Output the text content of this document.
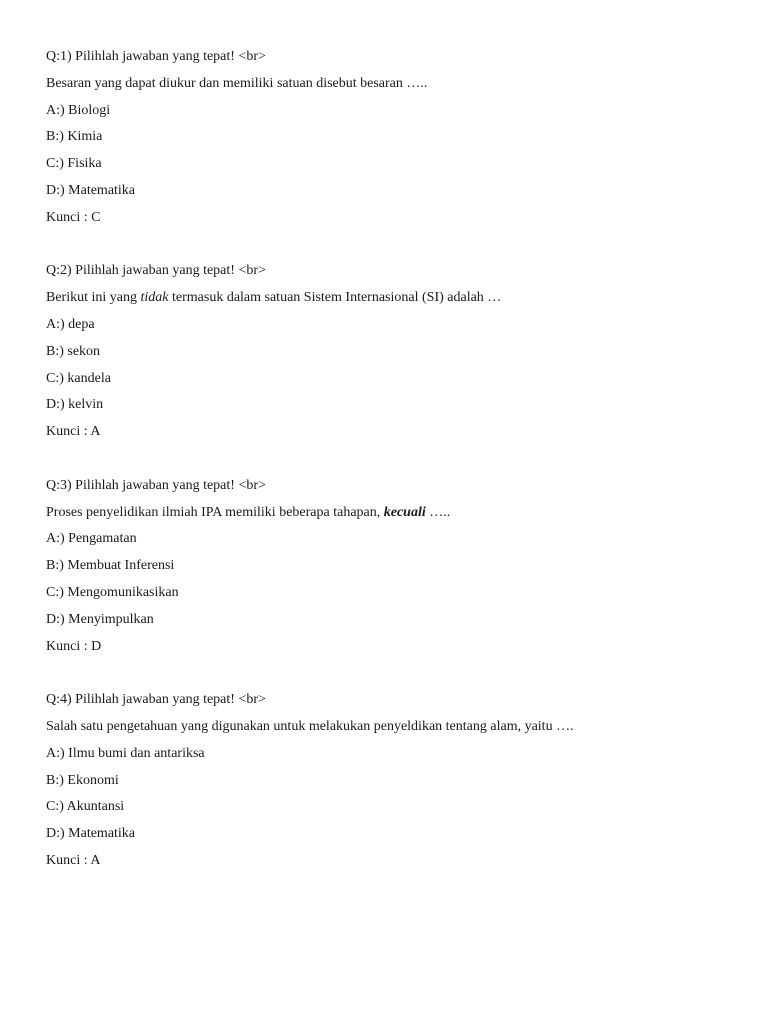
Q:1) Pilihlah jawaban yang tepat! <br>
Besaran yang dapat diukur dan memiliki satuan disebut besaran …..
A:) Biologi
B:) Kimia
C:) Fisika
D:) Matematika
Kunci : C
Q:2) Pilihlah jawaban yang tepat! <br>
Berikut ini yang tidak termasuk dalam satuan Sistem Internasional (SI) adalah …
A:) depa
B:) sekon
C:) kandela
D:) kelvin
Kunci : A
Q:3) Pilihlah jawaban yang tepat! <br>
Proses penyelidikan ilmiah IPA memiliki beberapa tahapan, kecuali …..
A:) Pengamatan
B:) Membuat Inferensi
C:) Mengomunikasikan
D:) Menyimpulkan
Kunci : D
Q:4) Pilihlah jawaban yang tepat! <br>
Salah satu pengetahuan yang digunakan untuk melakukan penyeldikan tentang alam, yaitu ….
A:) Ilmu bumi dan antariksa
B:) Ekonomi
C:) Akuntansi
D:) Matematika
Kunci : A
